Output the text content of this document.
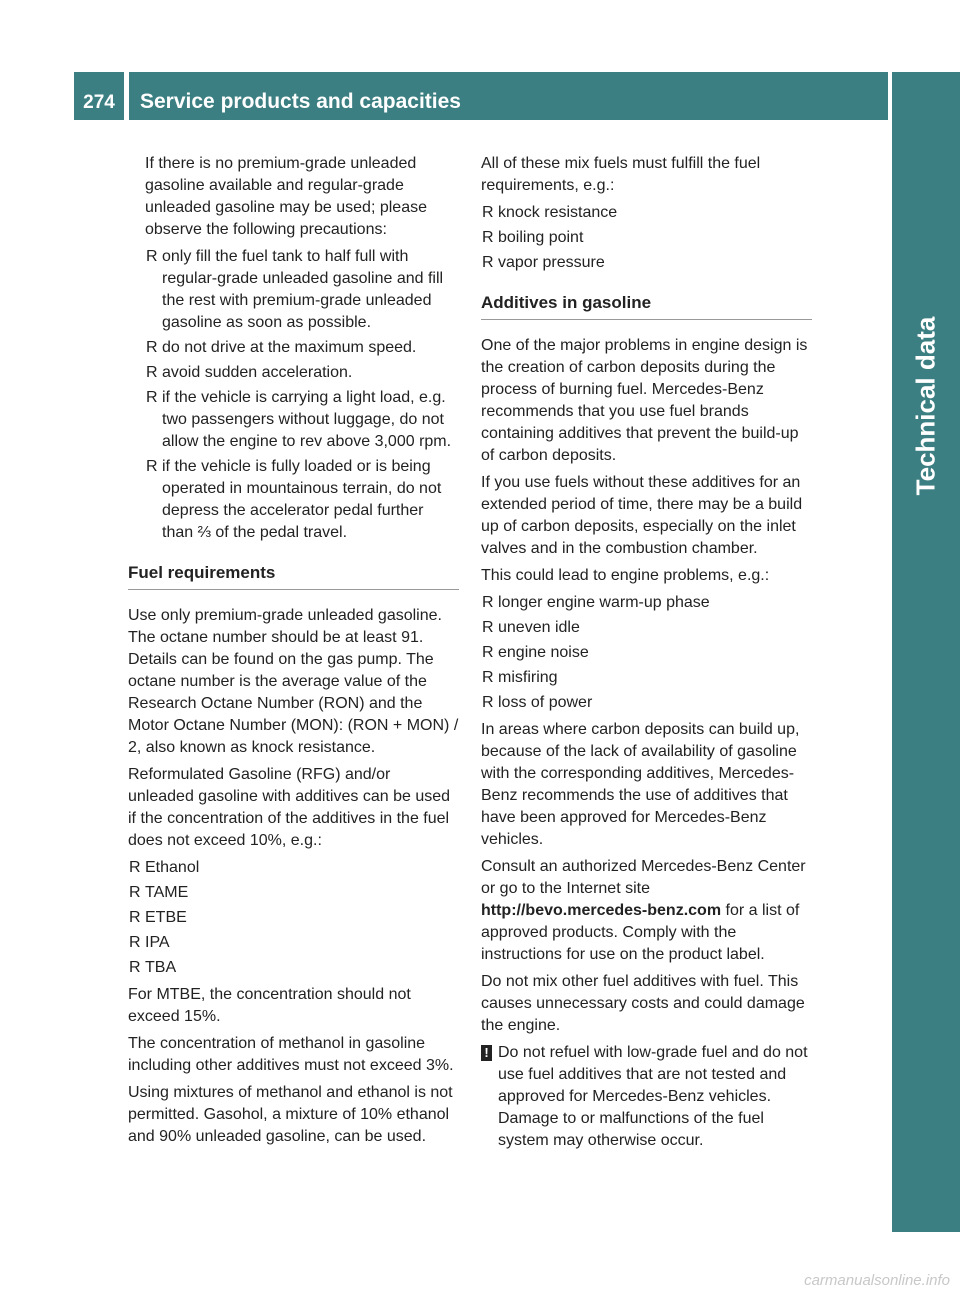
274	Service products and capacities
Technical data

If there is no premium-grade unleaded gasoline available and regular-grade unleaded gasoline may be used; please observe the following precautions:

R only fill the fuel tank to half full with regular-grade unleaded gasoline and fill the rest with premium-grade unleaded gasoline as soon as possible.
R do not drive at the maximum speed.
R avoid sudden acceleration.
R if the vehicle is carrying a light load, e.g. two passengers without luggage, do not allow the engine to rev above 3,000 rpm.
R if the vehicle is fully loaded or is being operated in mountainous terrain, do not depress the accelerator pedal further than ⅔ of the pedal travel.
Fuel requirements

Use only premium-grade unleaded gasoline. The octane number should be at least 91. Details can be found on the gas pump. The octane number is the average value of the Research Octane Number (RON) and the Motor Octane Number (MON): (RON + MON) / 2, also known as knock resistance.

Reformulated Gasoline (RFG) and/or unleaded gasoline with additives can be used if the concentration of the additives in the fuel does not exceed 10%, e.g.:

R Ethanol
R TAME
R ETBE
R IPA
R TBA

For MTBE, the concentration should not exceed 15%.

The concentration of methanol in gasoline including other additives must not exceed 3%.

Using mixtures of methanol and ethanol is not permitted. Gasohol, a mixture of 10% ethanol and 90% unleaded gasoline, can be used.

All of these mix fuels must fulfill the fuel requirements, e.g.:

R knock resistance
R boiling point
R vapor pressure
Additives in gasoline

One of the major problems in engine design is the creation of carbon deposits during the process of burning fuel. Mercedes-Benz recommends that you use fuel brands containing additives that prevent the build-up of carbon deposits.

If you use fuels without these additives for an extended period of time, there may be a build up of carbon deposits, especially on the inlet valves and in the combustion chamber.

This could lead to engine problems, e.g.:

R longer engine warm-up phase
R uneven idle
R engine noise
R misfiring
R loss of power

In areas where carbon deposits can build up, because of the lack of availability of gasoline with the corresponding additives, Mercedes-Benz recommends the use of additives that have been approved for Mercedes-Benz vehicles.

Consult an authorized Mercedes-Benz Center or go to the Internet site http://bevo.mercedes-benz.com for a list of approved products. Comply with the instructions for use on the product label.

Do not mix other fuel additives with fuel. This causes unnecessary costs and could damage the engine.

! Do not refuel with low-grade fuel and do not use fuel additives that are not tested and approved for Mercedes-Benz vehicles. Damage to or malfunctions of the fuel system may otherwise occur.
carmanualsonline.info
